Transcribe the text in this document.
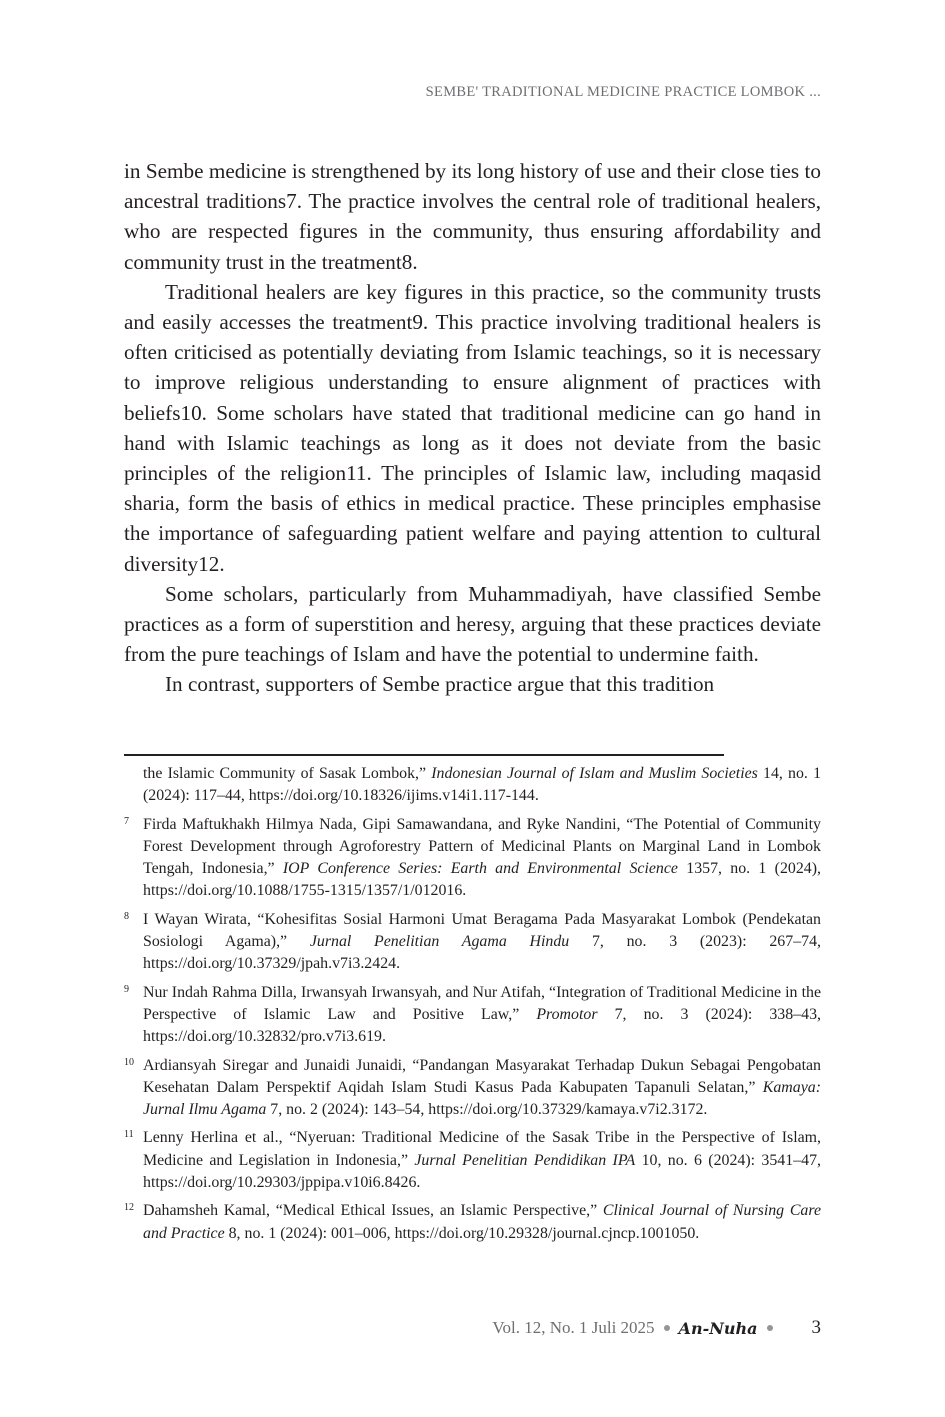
SEMBE' TRADITIONAL MEDICINE PRACTICE LOMBOK ...

in Sembe medicine is strengthened by its long history of use and their close ties to ancestral traditions7. The practice involves the central role of traditional healers, who are respected figures in the community, thus ensuring affordability and community trust in the treatment8.

Traditional healers are key figures in this practice, so the community trusts and easily accesses the treatment9. This practice involving traditional healers is often criticised as potentially deviating from Islamic teachings, so it is necessary to improve religious understanding to ensure alignment of practices with beliefs10. Some scholars have stated that traditional medicine can go hand in hand with Islamic teachings as long as it does not deviate from the basic principles of the religion11. The principles of Islamic law, including maqasid sharia, form the basis of ethics in medical practice. These principles emphasise the importance of safeguarding patient welfare and paying attention to cultural diversity12.

Some scholars, particularly from Muhammadiyah, have classified Sembe practices as a form of superstition and heresy, arguing that these practices deviate from the pure teachings of Islam and have the potential to undermine faith.

In contrast, supporters of Sembe practice argue that this tradition

the Islamic Community of Sasak Lombok,” Indonesian Journal of Islam and Muslim Societies 14, no. 1 (2024): 117–44, https://doi.org/10.18326/ijims.v14i1.117-144.
7 Firda Maftukhakh Hilmya Nada, Gipi Samawandana, and Ryke Nandini, “The Potential of Community Forest Development through Agroforestry Pattern of Medicinal Plants on Marginal Land in Lombok Tengah, Indonesia,” IOP Conference Series: Earth and Environmental Science 1357, no. 1 (2024), https://doi.org/10.1088/1755-1315/1357/1/012016.
8 I Wayan Wirata, “Kohesifitas Sosial Harmoni Umat Beragama Pada Masyarakat Lombok (Pendekatan Sosiologi Agama),” Jurnal Penelitian Agama Hindu 7, no. 3 (2023): 267–74, https://doi.org/10.37329/jpah.v7i3.2424.
9 Nur Indah Rahma Dilla, Irwansyah Irwansyah, and Nur Atifah, “Integration of Traditional Medicine in the Perspective of Islamic Law and Positive Law,” Promotor 7, no. 3 (2024): 338–43, https://doi.org/10.32832/pro.v7i3.619.
10 Ardiansyah Siregar and Junaidi Junaidi, “Pandangan Masyarakat Terhadap Dukun Sebagai Pengobatan Kesehatan Dalam Perspektif Aqidah Islam Studi Kasus Pada Kabupaten Tapanuli Selatan,” Kamaya: Jurnal Ilmu Agama 7, no. 2 (2024): 143–54, https://doi.org/10.37329/kamaya.v7i2.3172.
11 Lenny Herlina et al., “Nyeruan: Traditional Medicine of the Sasak Tribe in the Perspective of Islam, Medicine and Legislation in Indonesia,” Jurnal Penelitian Pendidikan IPA 10, no. 6 (2024): 3541–47, https://doi.org/10.29303/jppipa.v10i6.8426.
12 Dahamsheh Kamal, “Medical Ethical Issues, an Islamic Perspective,” Clinical Journal of Nursing Care and Practice 8, no. 1 (2024): 001–006, https://doi.org/10.29328/journal.cjncp.1001050.
Vol. 12, No. 1 Juli 2025 An-Nuha	3
